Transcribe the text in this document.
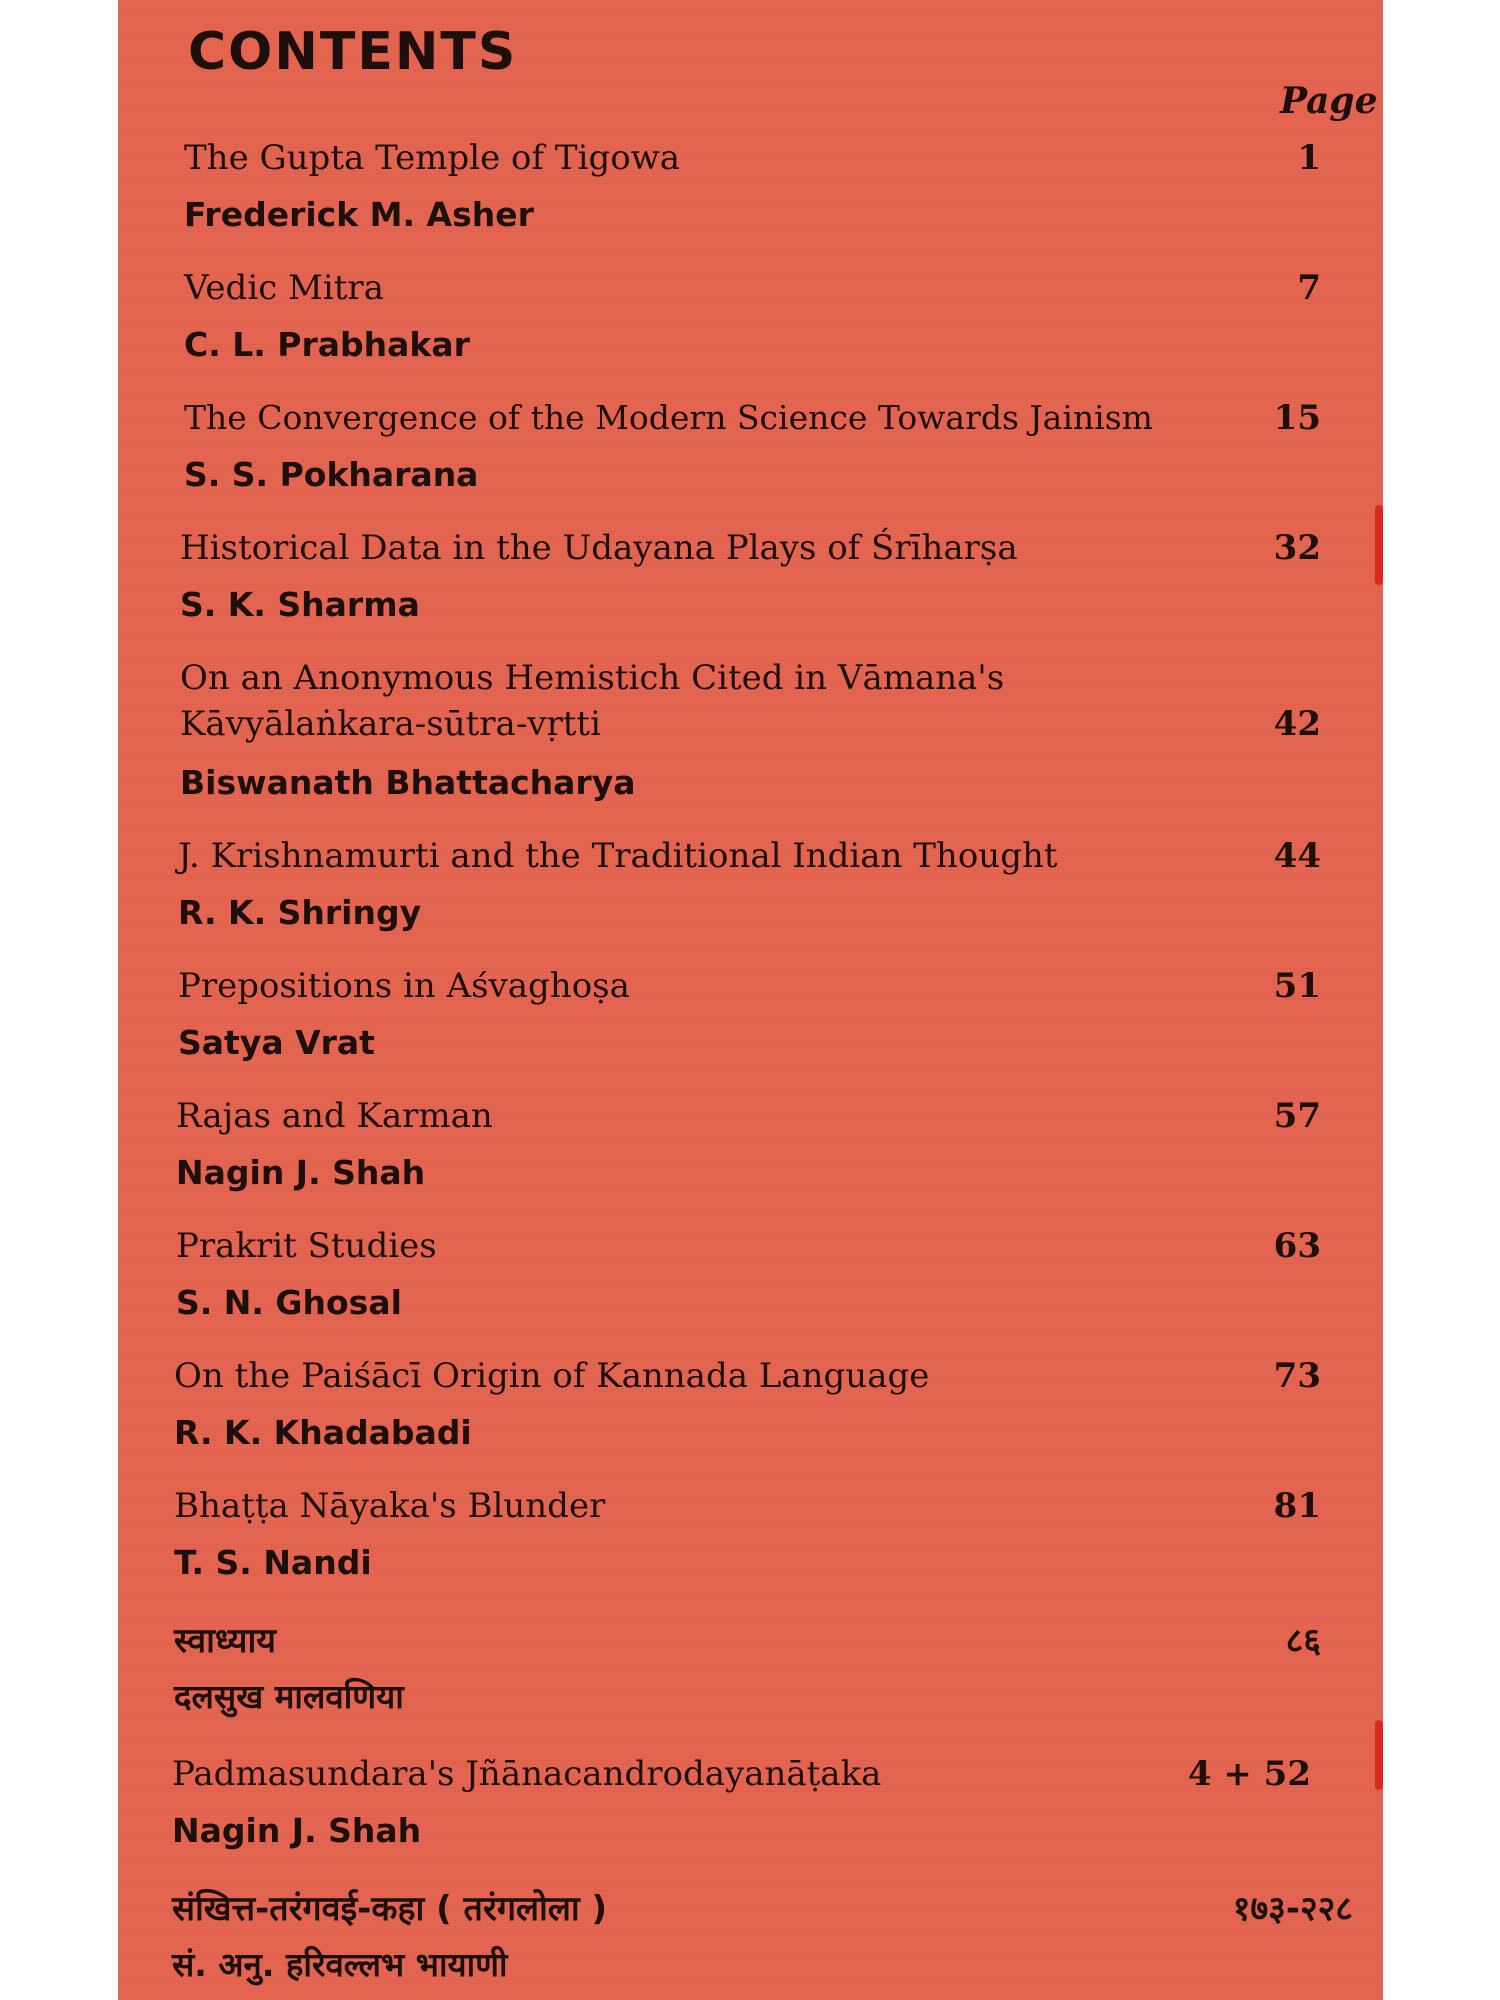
CONTENTS
Page
The Gupta Temple of Tigowa	1
Frederick M. Asher
Vedic Mitra	7
C. L. Prabhakar
The Convergence of the Modern Science Towards Jainism	15
S. S. Pokharana
Historical Data in the Udayana Plays of Śrīharṣa	32
S. K. Sharma
On an Anonymous Hemistich Cited in Vāmana's
Kāvyālaṅkara-sūtra-vṛtti	42
Biswanath Bhattacharya
J. Krishnamurti and the Traditional Indian Thought	44
R. K. Shringy
Prepositions in Aśvaghoṣa	51
Satya Vrat
Rajas and Karman	57
Nagin J. Shah
Prakrit Studies	63
S. N. Ghosal
On the Paiśācī Origin of Kannada Language	73
R. K. Khadabadi
Bhaṭṭa Nāyaka's Blunder	81
T. S. Nandi
स्वाध्याय	८६
दलसुख मालवणिया
Padmasundara's Jñānacandrodayanāṭaka	4 + 52
Nagin J. Shah
संखित्त-तरंगवई-कहा ( तरंगलोला )	१७३-२२८
सं. अनु. हरिवल्लभ भायाणी
